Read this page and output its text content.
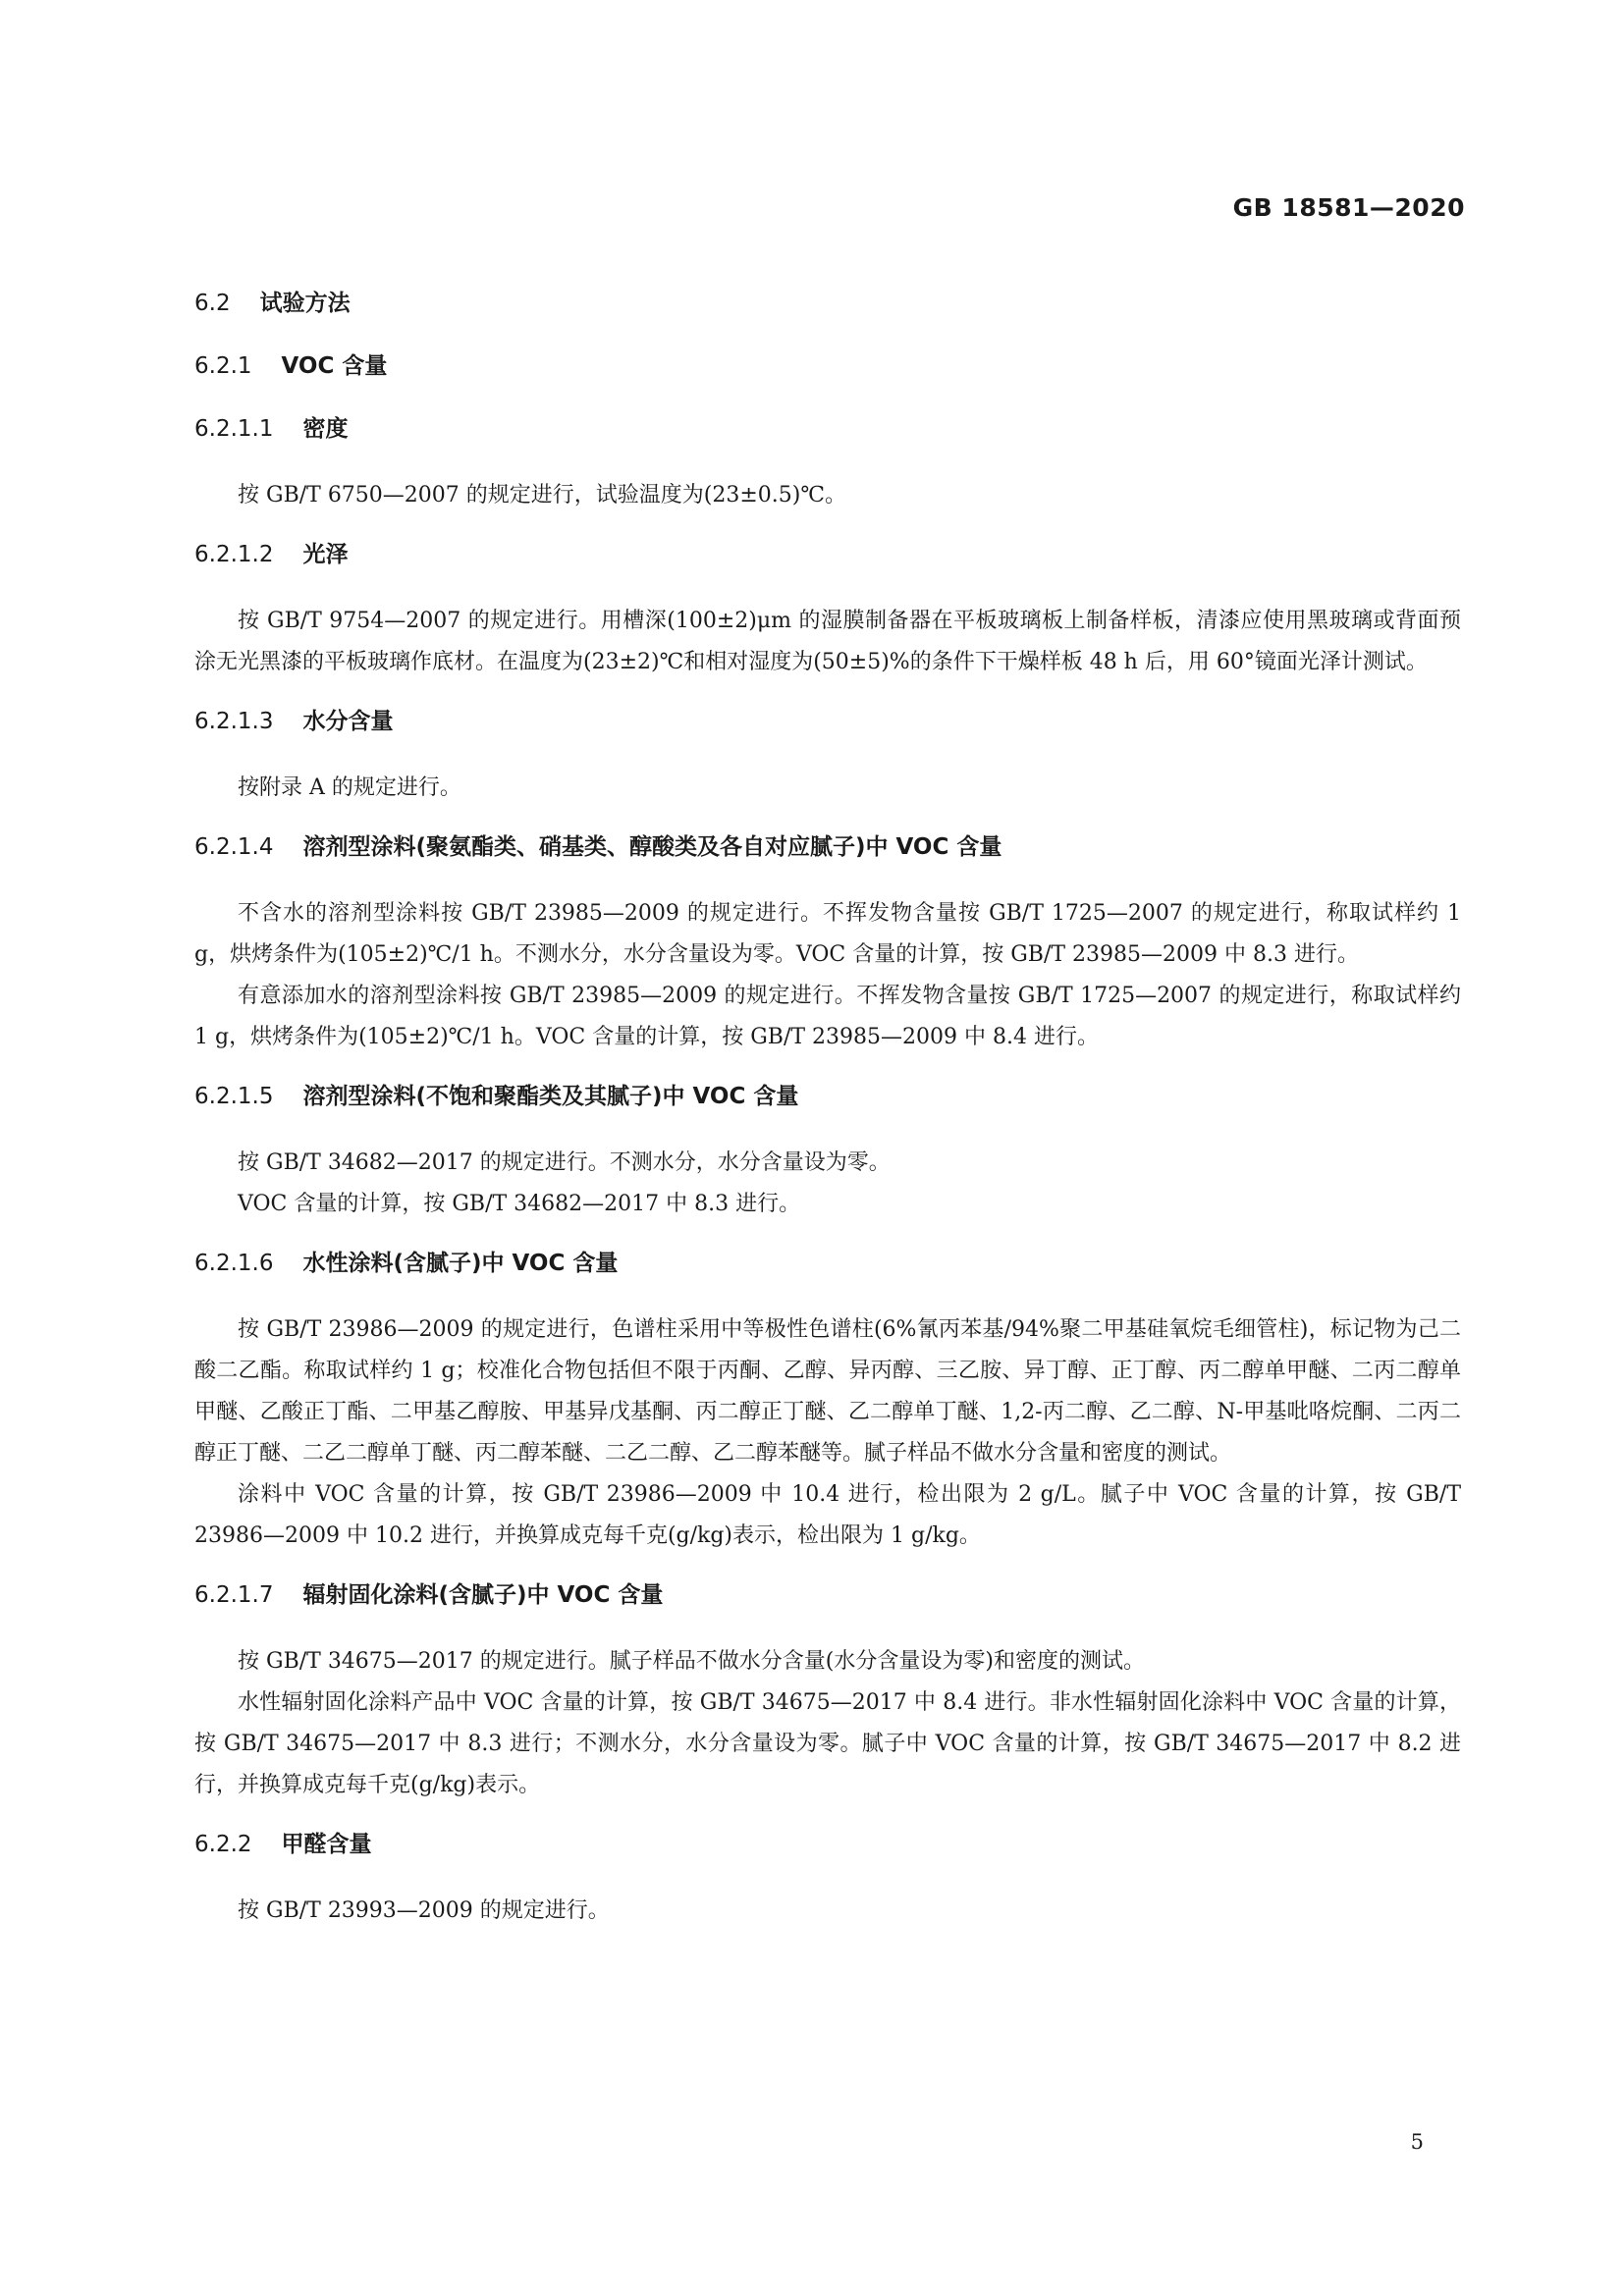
GB 18581—2020
6.2 试验方法
6.2.1 VOC 含量
6.2.1.1 密度

按 GB/T 6750—2007 的规定进行，试验温度为(23±0.5)℃。

6.2.1.2 光泽

按 GB/T 9754—2007 的规定进行。用槽深(100±2)μm 的湿膜制备器在平板玻璃板上制备样板，清漆应使用黑玻璃或背面预涂无光黑漆的平板玻璃作底材。在温度为(23±2)℃和相对湿度为(50±5)%的条件下干燥样板 48 h 后，用 60°镜面光泽计测试。

6.2.1.3 水分含量

按附录 A 的规定进行。

6.2.1.4 溶剂型涂料(聚氨酯类、硝基类、醇酸类及各自对应腻子)中 VOC 含量

不含水的溶剂型涂料按 GB/T 23985—2009 的规定进行。不挥发物含量按 GB/T 1725—2007 的规定进行，称取试样约 1 g，烘烤条件为(105±2)℃/1 h。不测水分，水分含量设为零。VOC 含量的计算，按 GB/T 23985—2009 中 8.3 进行。

有意添加水的溶剂型涂料按 GB/T 23985—2009 的规定进行。不挥发物含量按 GB/T 1725—2007 的规定进行，称取试样约 1 g，烘烤条件为(105±2)℃/1 h。VOC 含量的计算，按 GB/T 23985—2009 中 8.4 进行。

6.2.1.5 溶剂型涂料(不饱和聚酯类及其腻子)中 VOC 含量

按 GB/T 34682—2017 的规定进行。不测水分，水分含量设为零。

VOC 含量的计算，按 GB/T 34682—2017 中 8.3 进行。

6.2.1.6 水性涂料(含腻子)中 VOC 含量

按 GB/T 23986—2009 的规定进行，色谱柱采用中等极性色谱柱(6%氰丙苯基/94%聚二甲基硅氧烷毛细管柱)，标记物为己二酸二乙酯。称取试样约 1 g；校准化合物包括但不限于丙酮、乙醇、异丙醇、三乙胺、异丁醇、正丁醇、丙二醇单甲醚、二丙二醇单甲醚、乙酸正丁酯、二甲基乙醇胺、甲基异戊基酮、丙二醇正丁醚、乙二醇单丁醚、1,2-丙二醇、乙二醇、N-甲基吡咯烷酮、二丙二醇正丁醚、二乙二醇单丁醚、丙二醇苯醚、二乙二醇、乙二醇苯醚等。腻子样品不做水分含量和密度的测试。

涂料中 VOC 含量的计算，按 GB/T 23986—2009 中 10.4 进行，检出限为 2 g/L。腻子中 VOC 含量的计算，按 GB/T 23986—2009 中 10.2 进行，并换算成克每千克(g/kg)表示，检出限为 1 g/kg。

6.2.1.7 辐射固化涂料(含腻子)中 VOC 含量

按 GB/T 34675—2017 的规定进行。腻子样品不做水分含量(水分含量设为零)和密度的测试。

水性辐射固化涂料产品中 VOC 含量的计算，按 GB/T 34675—2017 中 8.4 进行。非水性辐射固化涂料中 VOC 含量的计算，按 GB/T 34675—2017 中 8.3 进行；不测水分，水分含量设为零。腻子中 VOC 含量的计算，按 GB/T 34675—2017 中 8.2 进行，并换算成克每千克(g/kg)表示。

6.2.2 甲醛含量

按 GB/T 23993—2009 的规定进行。

5
